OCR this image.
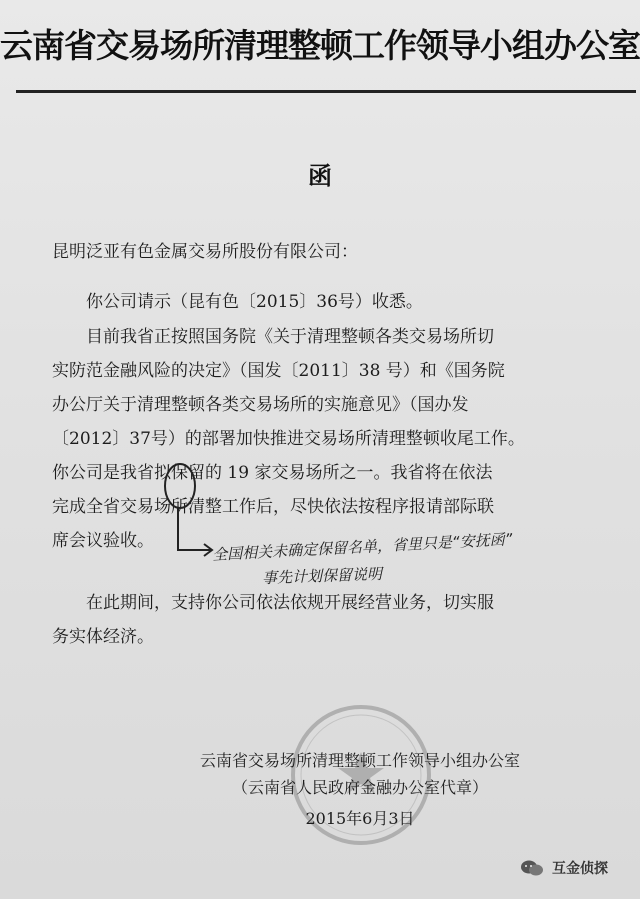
云南省交易场所清理整顿工作领导小组办公室
函
昆明泛亚有色金属交易所股份有限公司：
你公司请示（昆有色〔2015〕36号）收悉。
目前我省正按照国务院《关于清理整顿各类交易场所切
实防范金融风险的决定》（国发〔2011〕38 号）和《国务院
办公厅关于清理整顿各类交易场所的实施意见》（国办发
〔2012〕37号）的部署加快推进交易场所清理整顿收尾工作。
你公司是我省拟保留的 19 家交易场所之一。我省将在依法
完成全省交易场所清整工作后，尽快依法按程序报请部际联
席会议验收。
在此期间，支持你公司依法依规开展经营业务，切实服
务实体经济。
全国相关未确定保留名单，省里只是“安抚函”
事先计划保留说明
云南省交易场所清理整顿工作领导小组办公室
（云南省人民政府金融办公室代章）
2015年6月3日
互金侦探
